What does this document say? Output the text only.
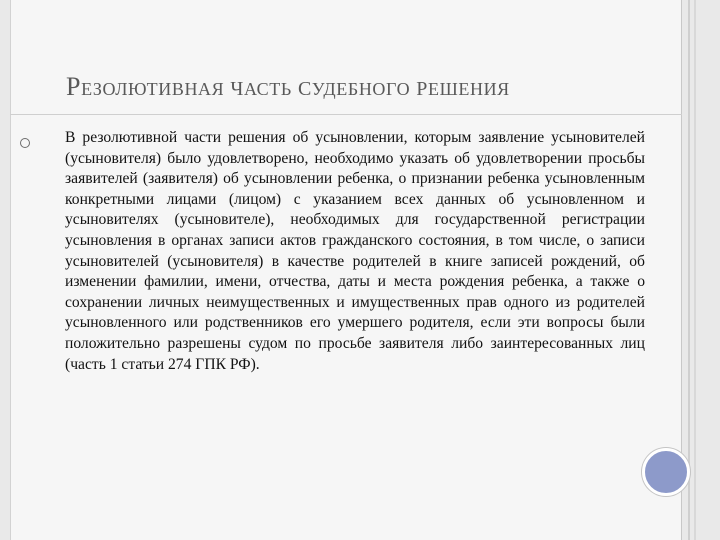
РЕЗОЛЮТИВНАЯ ЧАСТЬ СУДЕБНОГО РЕШЕНИЯ

В резолютивной части решения об усыновлении, которым заявление усыновителей (усыновителя) было удовлетворено, необходимо указать об удовлетворении просьбы заявителей (заявителя) об усыновлении ребенка, о признании ребенка усыновленным конкретными лицами (лицом) с указанием всех данных об усыновленном и усыновителях (усыновителе), необходимых для государственной регистрации усыновления в органах записи актов гражданского состояния, в том числе, о записи усыновителей (усыновителя) в качестве родителей в книге записей рождений, об изменении фамилии, имени, отчества, даты и места рождения ребенка, а также о сохранении личных неимущественных и имущественных прав одного из родителей усыновленного или родственников его умершего родителя, если эти вопросы были положительно разрешены судом по просьбе заявителя либо заинтересованных лиц (часть 1 статьи 274 ГПК РФ).
